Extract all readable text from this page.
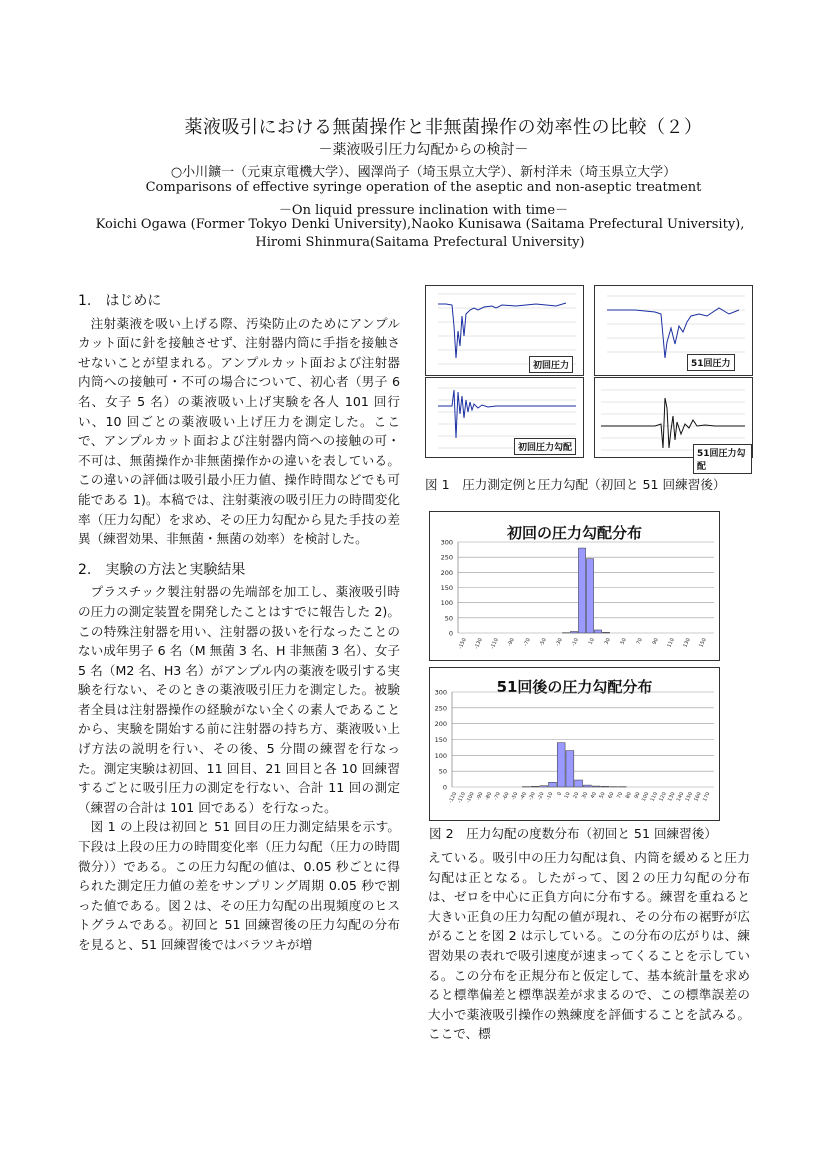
薬液吸引における無菌操作と非無菌操作の効率性の比較（２）
－薬液吸引圧力勾配からの検討－
○小川鑛一（元東京電機大学）、國澤尚子（埼玉県立大学）、新村洋未（埼玉県立大学）
Comparisons of effective syringe operation of the aseptic and non-aseptic treatment
－On liquid pressure inclination with time－
Koichi Ogawa (Former Tokyo Denki University),Naoko Kunisawa (Saitama Prefectural University), Hiromi Shinmura(Saitama Prefectural University)
1.　はじめに

注射薬液を吸い上げる際、汚染防止のためにアンプルカット面に針を接触させず、注射器内筒に手指を接触させないことが望まれる。アンプルカット面および注射器内筒への接触可・不可の場合について、初心者（男子 6 名、女子 5 名）の薬液吸い上げ実験を各人 101 回行い、10 回ごとの薬液吸い上げ圧力を測定した。ここで、アンプルカット面および注射器内筒への接触の可・不可は、無菌操作か非無菌操作かの違いを表している。この違いの評価は吸引最小圧力値、操作時間などでも可能である 1)。本稿では、注射薬液の吸引圧力の時間変化率（圧力勾配）を求め、その圧力勾配から見た手技の差異（練習効果、非無菌・無菌の効率）を検討した。

2.　実験の方法と実験結果

プラスチック製注射器の先端部を加工し、薬液吸引時の圧力の測定装置を開発したことはすでに報告した 2)。この特殊注射器を用い、注射器の扱いを行なったことのない成年男子 6 名（M 無菌 3 名、H 非無菌 3 名）、女子 5 名（M2 名、H3 名）がアンプル内の薬液を吸引する実験を行ない、そのときの薬液吸引圧力を測定した。被験者全員は注射器操作の経験がない全くの素人であることから、実験を開始する前に注射器の持ち方、薬液吸い上げ方法の説明を行い、その後、5 分間の練習を行なった。測定実験は初回、11 回目、21 回目と各 10 回練習するごとに吸引圧力の測定を行ない、合計 11 回の測定（練習の合計は 101 回である）を行なった。

図 1 の上段は初回と 51 回目の圧力測定結果を示す。下段は上段の圧力の時間変化率（圧力勾配（圧力の時間微分））である。この圧力勾配の値は、0.05 秒ごとに得られた測定圧力値の差をサンプリング周期 0.05 秒で割った値である。図２は、その圧力勾配の出現頻度のヒストグラムである。初回と 51 回練習後の圧力勾配の分布を見ると、51 回練習後ではバラツキが増

初回圧力	51回圧力
初回圧力勾配
51回圧力勾配
図 1　圧力測定例と圧力勾配（初回と 51 回練習後）
初回の圧力勾配分布
0
50
100
150
200
250
300
-150 -130 -110 -90 -70 -50 -30 -10 10 30 50 70 90 110 130 150
51回後の圧力勾配分布
0
50
100
150
200
250
300
-120
-110
-100 -90 -80 -70 -60 -50 -40 -30 -20 -10 0 10 20 30 40 50 60 70 80 90 100 110 120 130 140 150 160 170
図 2　圧力勾配の度数分布（初回と 51 回練習後）
えている。吸引中の圧力勾配は負、内筒を緩めると圧力勾配は正となる。したがって、図２の圧力勾配の分布は、ゼロを中心に正負方向に分布する。練習を重ねると大きい正負の圧力勾配の値が現れ、その分布の裾野が広がることを図 2 は示している。この分布の広がりは、練習効果の表れで吸引速度が速まってくることを示している。この分布を正規分布と仮定して、基本統計量を求めると標準偏差と標準誤差が求まるので、この標準誤差の大小で薬液吸引操作の熟練度を評価することを試みる。ここで、標
